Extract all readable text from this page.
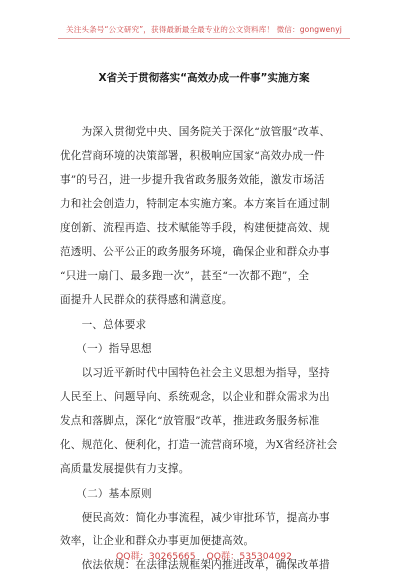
关注头条号“公文研究”，获得最新最全最专业的公文资料库！ 微信：gongwenyj
X省关于贯彻落实“高效办成一件事”实施方案
　　为深入贯彻党中央、国务院关于深化“放管服”改革、
优化营商环境的决策部署，积极响应国家“高效办成一件
事”的号召，进一步提升我省政务服务效能，激发市场活
力和社会创造力，特制定本实施方案。本方案旨在通过制
度创新、流程再造、技术赋能等手段，构建便捷高效、规
范透明、公平公正的政务服务环境，确保企业和群众办事
“只进一扇门、最多跑一次”，甚至“一次都不跑”，全
面提升人民群众的获得感和满意度。
　　一、总体要求
　　（一）指导思想
　　以习近平新时代中国特色社会主义思想为指导，坚持
人民至上、问题导向、系统观念，以企业和群众需求为出
发点和落脚点，深化“放管服”改革，推进政务服务标准
化、规范化、便利化，打造一流营商环境，为X省经济社会
高质量发展提供有力支撑。
　　（二）基本原则
　　便民高效：简化办事流程，减少审批环节，提高办事
效率，让企业和群众办事更加便捷高效。
　　依法依规：在法律法规框架内推进改革，确保改革措
QQ群：30265665 QQ群：535304092
